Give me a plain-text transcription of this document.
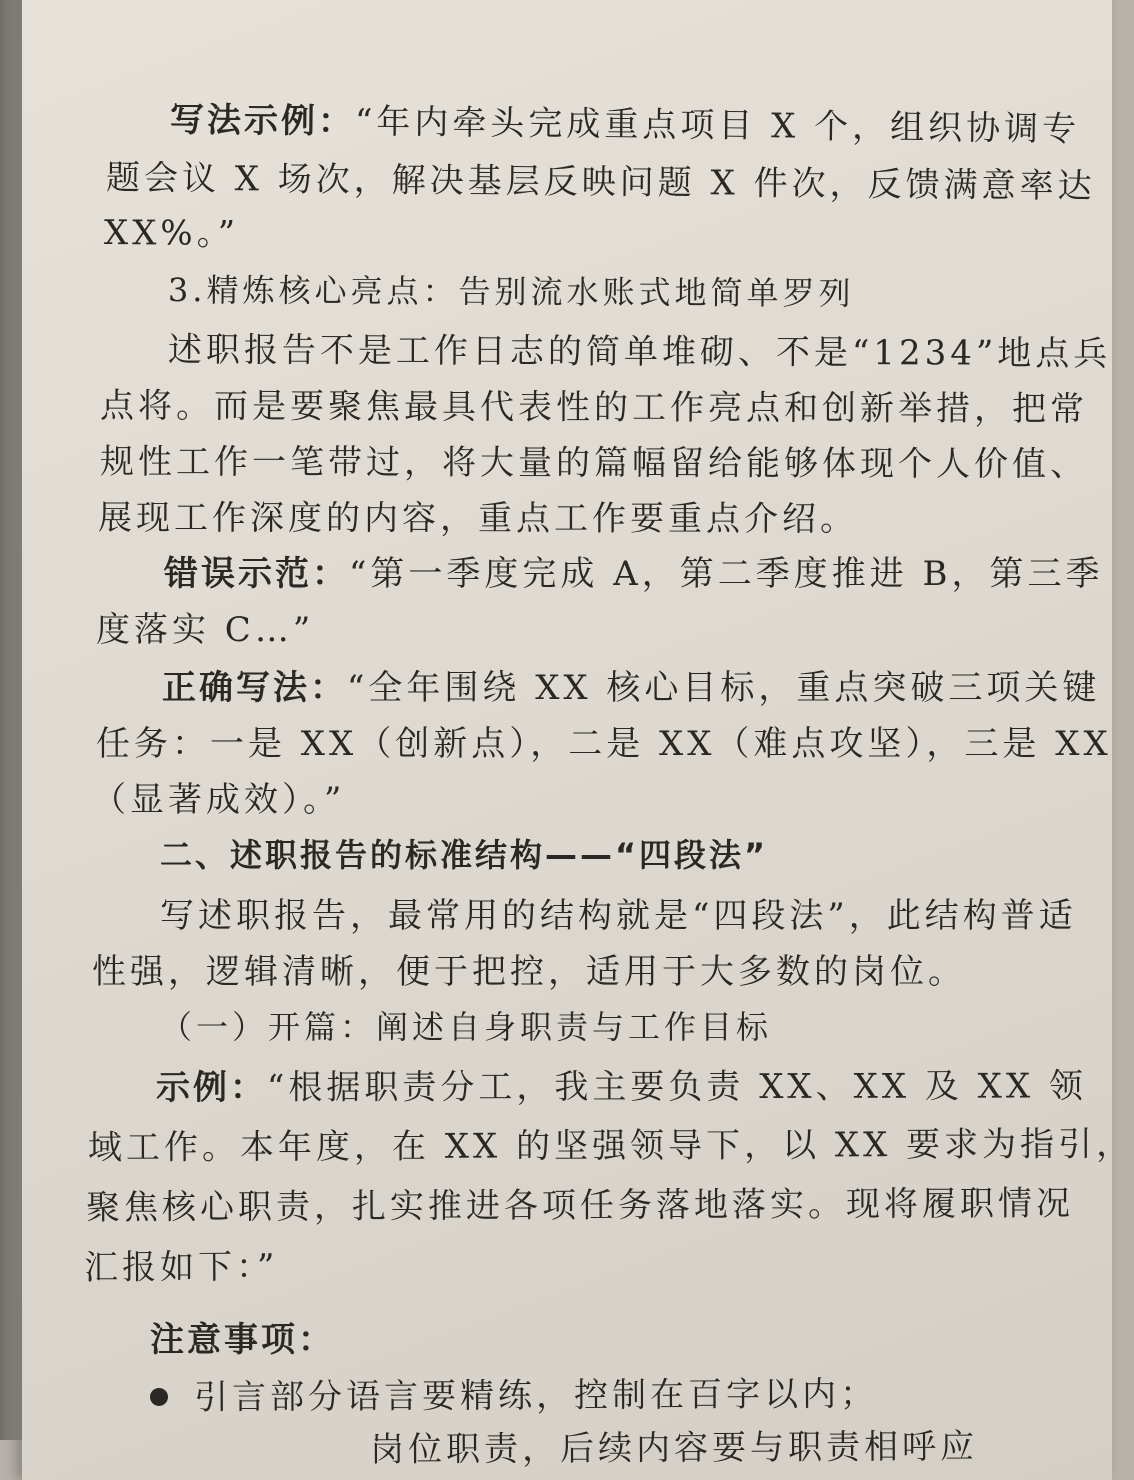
写法示例：“年内牵头完成重点项目 X 个，组织协调专
题会议 X 场次，解决基层反映问题 X 件次，反馈满意率达
XX%。”
3.精炼核心亮点：告别流水账式地简单罗列
述职报告不是工作日志的简单堆砌、不是“1234”地点兵
点将。而是要聚焦最具代表性的工作亮点和创新举措，把常
规性工作一笔带过，将大量的篇幅留给能够体现个人价值、
展现工作深度的内容，重点工作要重点介绍。
错误示范：“第一季度完成 A，第二季度推进 B，第三季
度落实 C…”
正确写法：“全年围绕 XX 核心目标，重点突破三项关键
任务：一是 XX（创新点），二是 XX（难点攻坚），三是 XX
（显著成效）。”
二、述职报告的标准结构——“四段法”
写述职报告，最常用的结构就是“四段法”，此结构普适
性强，逻辑清晰，便于把控，适用于大多数的岗位。
（一）开篇：阐述自身职责与工作目标
示例：“根据职责分工，我主要负责 XX、XX 及 XX 领
域工作。本年度，在 XX 的坚强领导下，以 XX 要求为指引，
聚焦核心职责，扎实推进各项任务落地落实。现将履职情况
汇报如下：”
注意事项：
引言部分语言要精练，控制在百字以内；
岗位职责，后续内容要与职责相呼应
